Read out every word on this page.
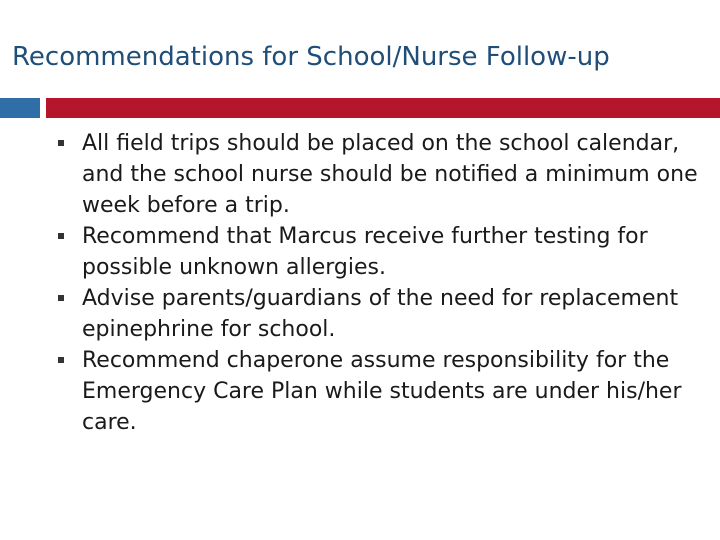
Recommendations for School/Nurse Follow-up
All field trips should be placed on the school calendar, and the school nurse should be notified a minimum one week before a trip.
Recommend that Marcus receive further testing for possible unknown allergies.
Advise parents/guardians of the need for replacement epinephrine for school.
Recommend chaperone assume responsibility for the Emergency Care Plan while students are under his/her care.
